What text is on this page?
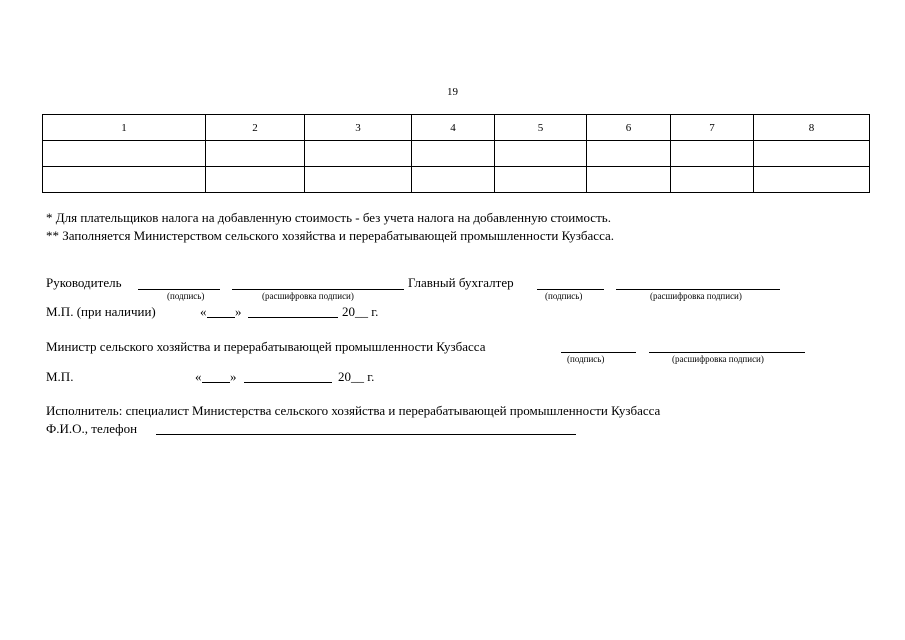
19
1	2	3	4	5	6	7	8

* Для плательщиков налога на добавленную стоимость - без учета налога на добавленную стоимость.
** Заполняется Министерством сельского хозяйства и перерабатывающей промышленности Кузбасса.
Руководитель	Главный бухгалтер
(подпись)	(расшифровка подписи)	(подпись)	(расшифровка подписи)
М.П. (при наличии)	« »	20__ г.
Министр сельского хозяйства и перерабатывающей промышленности Кузбасса
(подпись)	(расшифровка подписи)
М.П.	« »	20__ г.
Исполнитель: специалист Министерства сельского хозяйства и перерабатывающей промышленности Кузбасса
Ф.И.О., телефон
